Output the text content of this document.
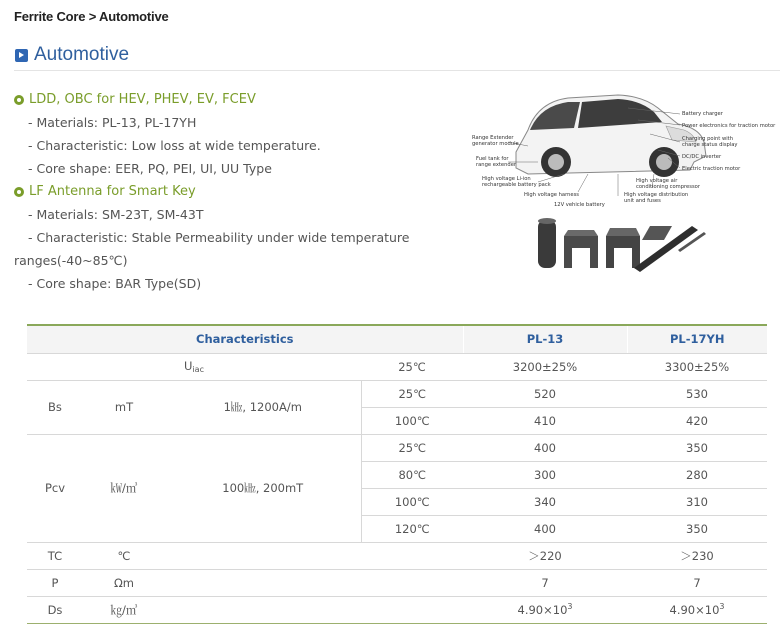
Ferrite Core > Automotive
Automotive
LDD, OBC for HEV, PHEV, EV, FCEV
- Materials: PL-13, PL-17YH
- Characteristic: Low loss at wide temperature.
- Core shape: EER, PQ, PEI, UI, UU Type
LF Antenna for Smart Key
- Materials: SM-23T, SM-43T
- Characteristic: Stable Permeability under wide temperature
ranges(-40~85℃)
- Core shape: BAR Type(SD)
Battery charger
Power electronics for traction motor
Charging point with
charge status display
DC/DC inverter
Electric traction motor
High voltage air
conditioning compressor
High voltage distribution
unit and fuses
Range Extender
generator module
Fuel tank for
range extender
High voltage Li-ion
rechargeable battery pack
High voltage harness
12V vehicle battery
Characteristics				PL-13	PL-17YH
$U_{iac}$			25℃	3200±25%	3300±25%
Bs	mT	1㎑, 1200A/m	25℃	520	530
			100℃	410	420
Pcv	㎾/㎥	100㎑, 200mT	25℃	400	350
			80℃	300	280
			100℃	340	310
			120℃	400	350
TC	℃			＞220	＞230
P	Ωm			7	7
Ds	㎏/㎥			$4.90\times 10^3$	$4.90\times 10^3$
